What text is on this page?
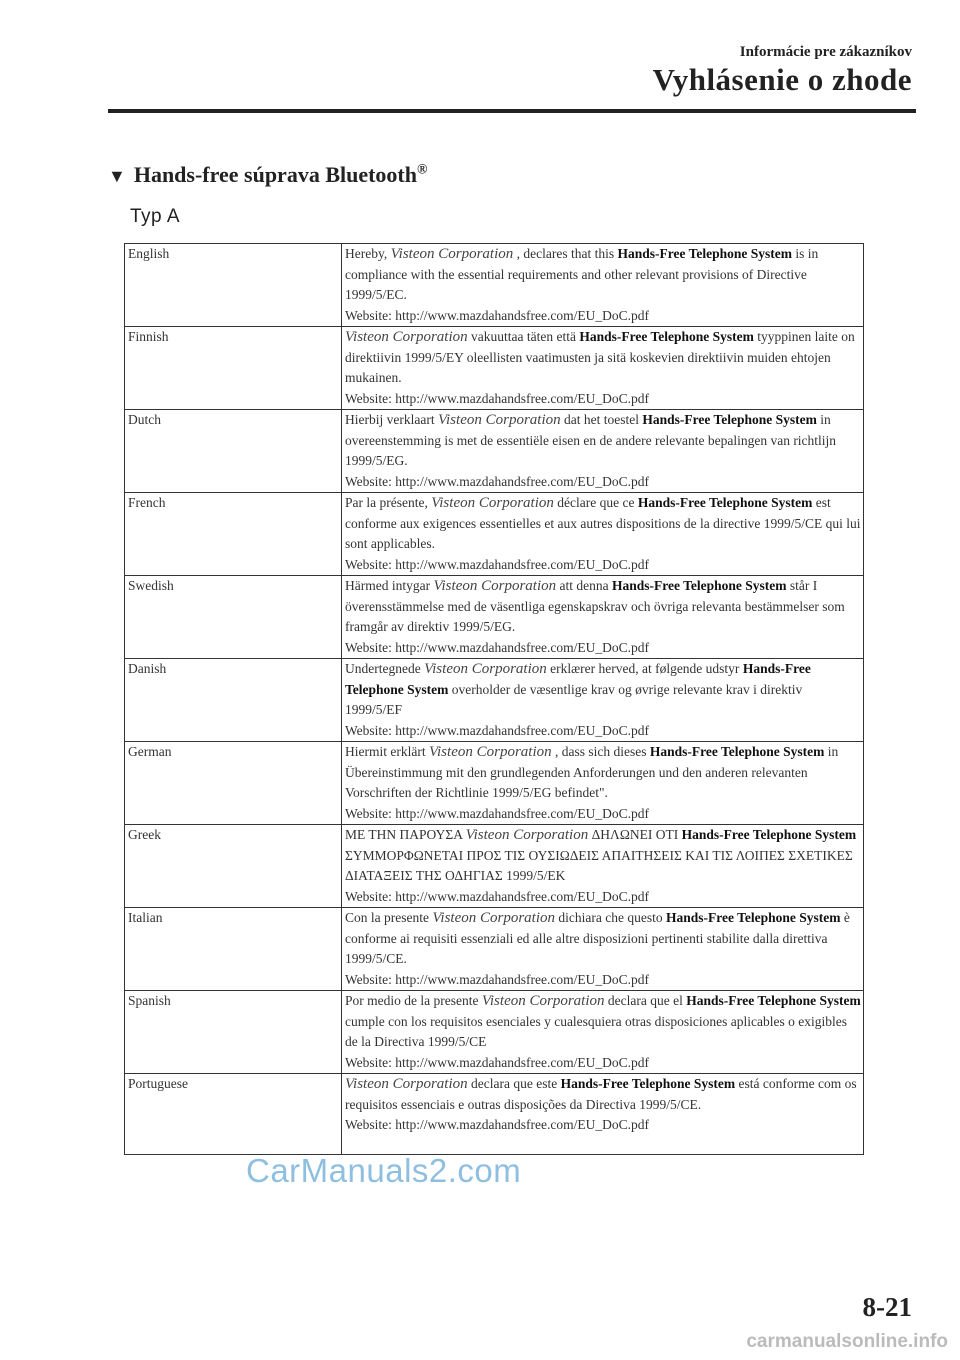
Informácie pre zákazníkov
Vyhlásenie o zhode
▼ Hands-free súprava Bluetooth®
Typ A
English	Hereby, Visteon Corporation , declares that this Hands-Free Telephone System is in compliance with the essential requirements and other relevant provisions of Directive 1999/5/EC.
Website: http://www.mazdahandsfree.com/EU_DoC.pdf

Finnish	Visteon Corporation vakuuttaa täten että Hands-Free Telephone System tyyppinen laite on direktiivin 1999/5/EY oleellisten vaatimusten ja sitä koskevien direktiivin muiden ehtojen mukainen.
Website: http://www.mazdahandsfree.com/EU_DoC.pdf

Dutch	Hierbij verklaart Visteon Corporation dat het toestel Hands-Free Telephone System in overeenstemming is met de essentiële eisen en de andere relevante bepalingen van richtlijn 1999/5/EG.
Website: http://www.mazdahandsfree.com/EU_DoC.pdf

French	Par la présente, Visteon Corporation déclare que ce Hands-Free Telephone System est conforme aux exigences essentielles et aux autres dispositions de la directive 1999/5/CE qui lui sont applicables.
Website: http://www.mazdahandsfree.com/EU_DoC.pdf

Swedish	Härmed intygar Visteon Corporation att denna Hands-Free Telephone System står I överensstämmelse med de väsentliga egenskapskrav och övriga relevanta bestämmelser som framgår av direktiv 1999/5/EG.
Website: http://www.mazdahandsfree.com/EU_DoC.pdf

Danish	Undertegnede Visteon Corporation erklærer herved, at følgende udstyr Hands-Free Telephone System overholder de væsentlige krav og øvrige relevante krav i direktiv 1999/5/EF
Website: http://www.mazdahandsfree.com/EU_DoC.pdf

German	Hiermit erklärt Visteon Corporation , dass sich dieses Hands-Free Telephone System in Übereinstimmung mit den grundlegenden Anforderungen und den anderen relevanten Vorschriften der Richtlinie 1999/5/EG befindet".
Website: http://www.mazdahandsfree.com/EU_DoC.pdf

Greek	ΜΕ ΤΗΝ ΠΑΡΟΥΣΑ Visteon Corporation ΔΗΛΩΝΕΙ ΟΤΙ Hands-Free Telephone System ΣΥΜΜΟΡΦΩΝΕΤΑΙ ΠΡΟΣ ΤΙΣ ΟΥΣΙΩΔΕΙΣ ΑΠΑΙΤΗΣΕΙΣ ΚΑΙ ΤΙΣ ΛΟΙΠΕΣ ΣΧΕΤΙΚΕΣ ΔΙΑΤΑΞΕΙΣ ΤΗΣ ΟΔΗΓΙΑΣ 1999/5/ΕΚ
Website: http://www.mazdahandsfree.com/EU_DoC.pdf

Italian	Con la presente Visteon Corporation dichiara che questo Hands-Free Telephone System è conforme ai requisiti essenziali ed alle altre disposizioni pertinenti stabilite dalla direttiva 1999/5/CE.
Website: http://www.mazdahandsfree.com/EU_DoC.pdf

Spanish	Por medio de la presente Visteon Corporation declara que el Hands-Free Telephone System cumple con los requisitos esenciales y cualesquiera otras disposiciones aplicables o exigibles de la Directiva 1999/5/CE
Website: http://www.mazdahandsfree.com/EU_DoC.pdf

Portuguese	Visteon Corporation declara que este Hands-Free Telephone System está conforme com os requisitos essenciais e outras disposições da Directiva 1999/5/CE.
Website: http://www.mazdahandsfree.com/EU_DoC.pdf
CarManuals2.com
8-21
carmanualsonline.info
